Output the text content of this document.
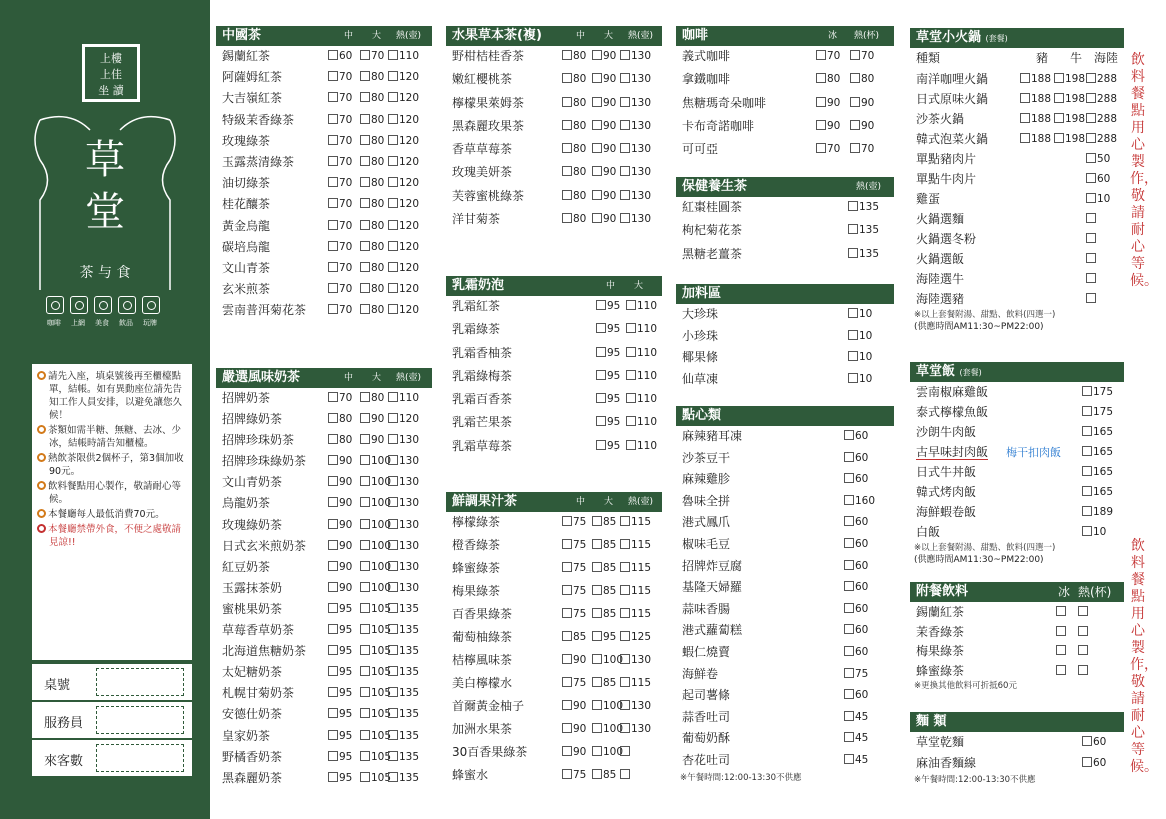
上樓
上佳
坐 讀
草
堂
茶 与 食
咖啡	上網	美食	飲品	玩牌

請先入座，填桌號後再至櫃檯點單，結帳。如有異動座位請先告知工作人員安排，以避免讓您久候！

茶類如需半糖、無糖、去冰、少冰，結帳時請告知櫃檯。

熱飲茶限供2個杯子，第3個加收90元。

飲料餐點用心製作，敬請耐心等候。

本餐廳每人最低消費70元。

本餐廳禁帶外食，不便之處敬請見諒!!

桌號
服務員
來客數
中國茶	中 大 熱(壺)
錫蘭紅茶	60	70	110
阿薩姆紅茶	70	80	120
大吉嶺紅茶	70	80	120
特級茉香綠茶	70	80	120
玫瑰綠茶	70	80	120
玉露蒸清綠茶	70	80	120
油切綠茶	70	80	120
桂花釀茶	70	80	120
黃金烏龍	70	80	120
碳培烏龍	70	80	120
文山青茶	70	80	120
玄米煎茶	70	80	120
雲南普洱菊花茶	70	80	120
嚴選風味奶茶	中 大 熱(壺)
招牌奶茶	70	80	110
招牌綠奶茶	80	90	120
招牌珍珠奶茶	80	90	130
招牌珍珠綠奶茶	90	100 130
文山青奶茶	90	100 130
烏龍奶茶	90	100 130
玫瑰綠奶茶	90	100 130
日式玄米煎奶茶	90	100 130
紅豆奶茶	90	100 130
玉露抹茶奶	90	100 130
蜜桃果奶茶	95	105 135
草莓香草奶茶	95	105 135
北海道焦糖奶茶	95	105 135
太妃糖奶茶	95	105 135
札幌甘菊奶茶	95	105 135
安德仕奶茶	95	105 135
皇家奶茶	95	105 135
野橘香奶茶	95	105 135
黑森麗奶茶	95	105 135
水果草本茶(複)	中 大 熱(壺)
野柑桔桂香茶	80	90	130
嫩紅櫻桃茶	80	90	130
檸檬果萊姆茶	80	90	130
黑森麗玫果茶	80	90	130
香草草莓茶	80	90	130
玫瑰美妍茶	80	90	130
芙蓉蜜桃綠茶	80	90	130
洋甘菊茶	80	90	130
乳霜奶泡	中 大
乳霜紅茶	95	110
乳霜綠茶	95	110
乳霜香柚茶	95	110
乳霜綠梅茶	95	110
乳霜百香茶	95	110
乳霜芒果茶	95	110
乳霜草莓茶	95	110
鮮調果汁茶	中 大 熱(壺)
檸檬綠茶	75	85	115
橙香綠茶	75	85	115
蜂蜜綠茶	75	85	115
梅果綠茶	75	85	115
百香果綠茶	75	85	115
葡萄柚綠茶	85	95	125
桔檸風味茶	90	100 130
美白檸檬水	75	85	115
首爾黃金柚子	90	100 130
加洲水果茶	90	100 130
30百香果綠茶	90	100
蜂蜜水	75	85
咖啡	冰 熱(杯)
義式咖啡	70	70
拿鐵咖啡	80	80
焦糖瑪奇朵咖啡	90	90
卡布奇諾咖啡	90	90
可可亞	70	70
保健養生茶	熱(壺)
紅棗桂圓茶	135
枸杞菊花茶	135
黑糖老薑茶	135
加料區
大珍珠	10
小珍珠	10
椰果條	10
仙草凍	10
點心類
麻辣豬耳凍	60
沙茶豆干	60
麻辣雞胗	60
魯味全拼	160
港式鳳爪	60
椒味毛豆	60
招牌炸豆腐	60
基隆天婦羅	60
蒜味香腸	60
港式蘿蔔糕	60
蝦仁燒賣	60
海鮮卷	75
起司薯條	60
蒜香吐司	45
葡萄奶酥	45
杏花吐司	45
※午餐時間:12:00-13:30不供應
草堂小火鍋 (套餐)
種類	豬 牛 海陸
南洋咖哩火鍋	188	198	288
日式原味火鍋	188	198	288
沙茶火鍋	188	198	288
韓式泡菜火鍋	188	198	288
單點豬肉片	50
單點牛肉片	60
雞蛋	10
火鍋選麵
火鍋選冬粉
火鍋選飯
海陸選牛
海陸選豬
※以上套餐附湯、甜點、飲料(四選一)
(供應時間AM11:30~PM22:00)
草堂飯 (套餐)
雲南椒麻雞飯	175
泰式檸檬魚飯	175
沙朗牛肉飯	165
古早味封肉飯	165
梅干扣肉飯
日式牛丼飯	165
韓式烤肉飯	165
海鮮蝦卷飯	189
白飯	10
※以上套餐附湯、甜點、飲料(四選一)
(供應時間AM11:30~PM22:00)
附餐飲料	冰 熱(杯)
錫蘭紅茶
茉香綠茶
梅果綠茶
蜂蜜綠茶
※更換其他飲料可折抵60元
麵 類
草堂乾麵	60
麻油香麵線	60
※午餐時間:12:00-13:30不供應
飲料餐點用心製作，敬請耐心等候。
飲料餐點用心製作，敬請耐心等候。
